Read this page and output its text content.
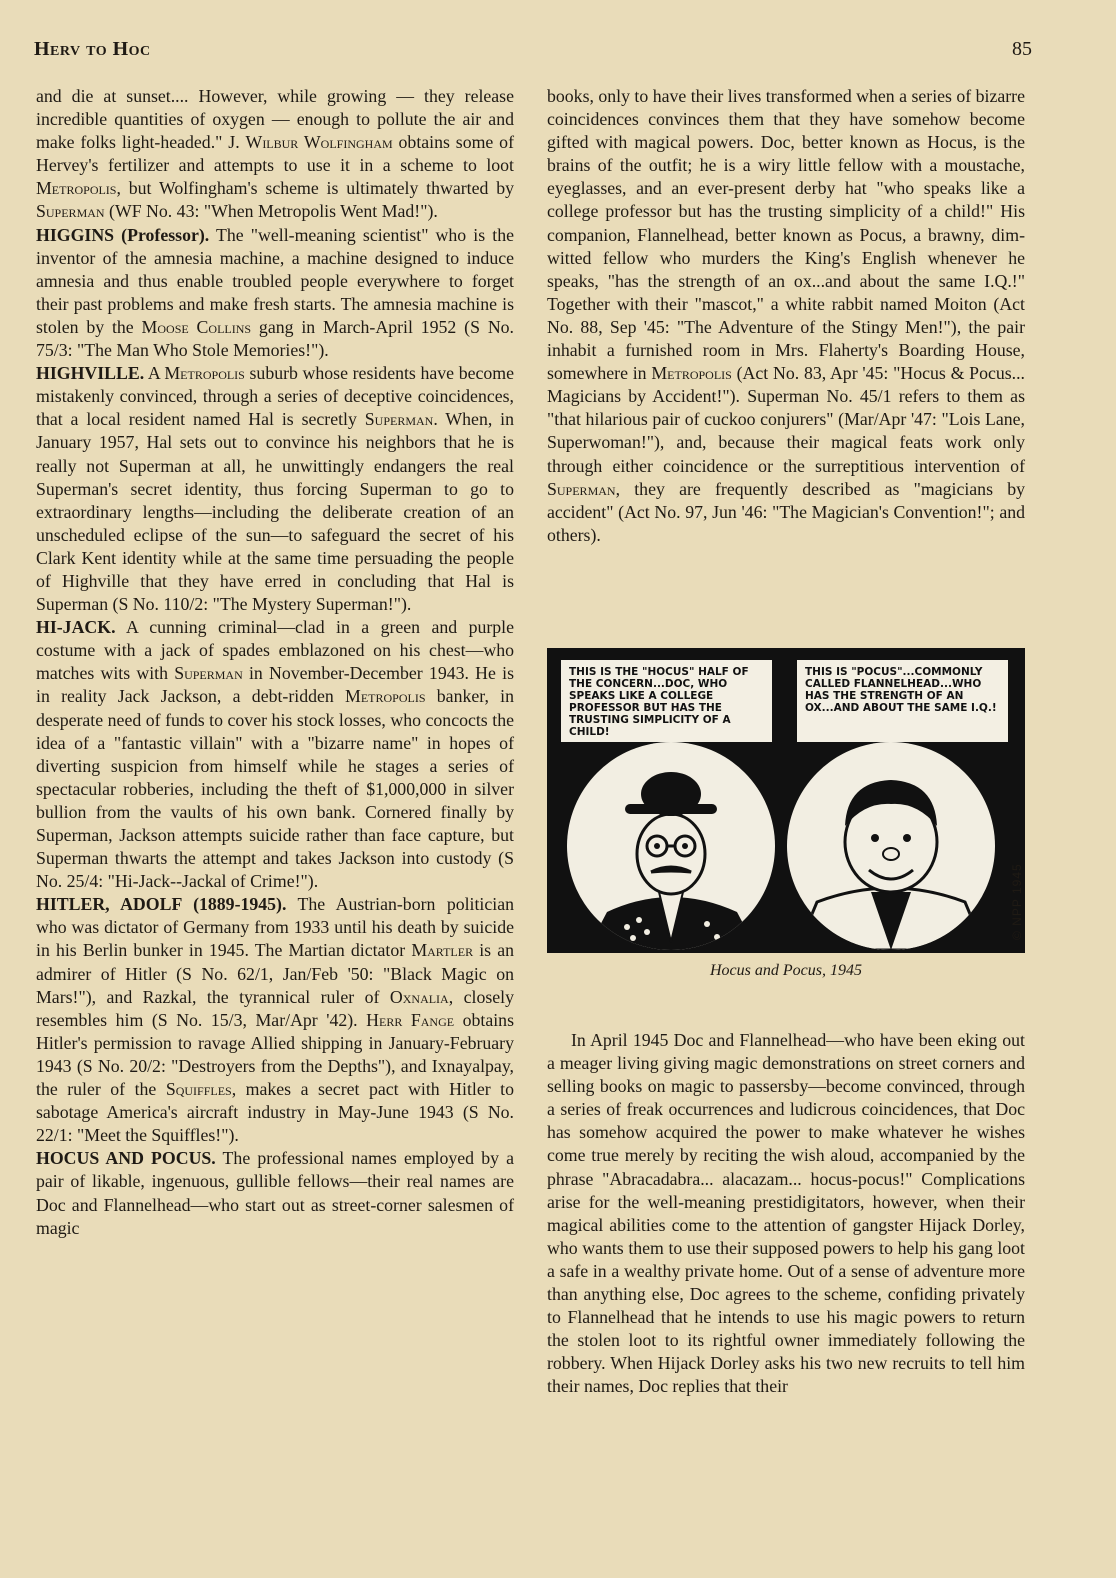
Herv to Hoc	85

and die at sunset.... However, while growing — they release incredible quantities of oxygen — enough to pollute the air and make folks light-headed." J. Wilbur Wolfingham obtains some of Hervey's fertilizer and attempts to use it in a scheme to loot Metropolis, but Wolfingham's scheme is ultimately thwarted by Superman (WF No. 43: "When Metropolis Went Mad!").

HIGGINS (Professor). The "well-meaning scientist" who is the inventor of the amnesia machine, a machine designed to induce amnesia and thus enable troubled people everywhere to forget their past problems and make fresh starts. The amnesia machine is stolen by the Moose Collins gang in March-April 1952 (S No. 75/3: "The Man Who Stole Memories!").

HIGHVILLE. A Metropolis suburb whose residents have become mistakenly convinced, through a series of deceptive coincidences, that a local resident named Hal is secretly Superman. When, in January 1957, Hal sets out to convince his neighbors that he is really not Superman at all, he unwittingly endangers the real Superman's secret identity, thus forcing Superman to go to extraordinary lengths—including the deliberate creation of an unscheduled eclipse of the sun—to safeguard the secret of his Clark Kent identity while at the same time persuading the people of Highville that they have erred in concluding that Hal is Superman (S No. 110/2: "The Mystery Superman!").

HI-JACK. A cunning criminal—clad in a green and purple costume with a jack of spades emblazoned on his chest—who matches wits with Superman in November-December 1943. He is in reality Jack Jackson, a debt-ridden Metropolis banker, in desperate need of funds to cover his stock losses, who concocts the idea of a "fantastic villain" with a "bizarre name" in hopes of diverting suspicion from himself while he stages a series of spectacular robberies, including the theft of $1,000,000 in silver bullion from the vaults of his own bank. Cornered finally by Superman, Jackson attempts suicide rather than face capture, but Superman thwarts the attempt and takes Jackson into custody (S No. 25/4: "Hi-Jack--Jackal of Crime!").

HITLER, ADOLF (1889-1945). The Austrian-born politician who was dictator of Germany from 1933 until his death by suicide in his Berlin bunker in 1945. The Martian dictator Martler is an admirer of Hitler (S No. 62/1, Jan/Feb '50: "Black Magic on Mars!"), and Razkal, the tyrannical ruler of Oxnalia, closely resembles him (S No. 15/3, Mar/Apr '42). Herr Fange obtains Hitler's permission to ravage Allied shipping in January-February 1943 (S No. 20/2: "Destroyers from the Depths"), and Ixnayalpay, the ruler of the Squiffles, makes a secret pact with Hitler to sabotage America's aircraft industry in May-June 1943 (S No. 22/1: "Meet the Squiffles!").

HOCUS AND POCUS. The professional names employed by a pair of likable, ingenuous, gullible fellows—their real names are Doc and Flannelhead—who start out as street-corner salesmen of magic

books, only to have their lives transformed when a series of bizarre coincidences convinces them that they have somehow become gifted with magical powers. Doc, better known as Hocus, is the brains of the outfit; he is a wiry little fellow with a moustache, eyeglasses, and an ever-present derby hat "who speaks like a college professor but has the trusting simplicity of a child!" His companion, Flannelhead, better known as Pocus, a brawny, dim-witted fellow who murders the King's English whenever he speaks, "has the strength of an ox...and about the same I.Q.!" Together with their "mascot," a white rabbit named Moiton (Act No. 88, Sep '45: "The Adventure of the Stingy Men!"), the pair inhabit a furnished room in Mrs. Flaherty's Boarding House, somewhere in Metropolis (Act No. 83, Apr '45: "Hocus & Pocus... Magicians by Accident!"). Superman No. 45/1 refers to them as "that hilarious pair of cuckoo conjurers" (Mar/Apr '47: "Lois Lane, Superwoman!"), and, because their magical feats work only through either coincidence or the surreptitious intervention of Superman, they are frequently described as "magicians by accident" (Act No. 97, Jun '46: "The Magician's Convention!"; and others).

THIS IS THE "HOCUS" HALF OF THE CONCERN...DOC, WHO SPEAKS LIKE A COLLEGE PROFESSOR BUT HAS THE TRUSTING SIMPLICITY OF A CHILD!
THIS IS "POCUS"...COMMONLY CALLED FLANNELHEAD...WHO HAS THE STRENGTH OF AN OX...AND ABOUT THE SAME I.Q.!
© NPP 1945
Hocus and Pocus, 1945

In April 1945 Doc and Flannelhead—who have been eking out a meager living giving magic demonstrations on street corners and selling books on magic to passersby—become convinced, through a series of freak occurrences and ludicrous coincidences, that Doc has somehow acquired the power to make whatever he wishes come true merely by reciting the wish aloud, accompanied by the phrase "Abracadabra... alacazam... hocus-pocus!" Complications arise for the well-meaning prestidigitators, however, when their magical abilities come to the attention of gangster Hijack Dorley, who wants them to use their supposed powers to help his gang loot a safe in a wealthy private home. Out of a sense of adventure more than anything else, Doc agrees to the scheme, confiding privately to Flannelhead that he intends to use his magic powers to return the stolen loot to its rightful owner immediately following the robbery. When Hijack Dorley asks his two new recruits to tell him their names, Doc replies that their
